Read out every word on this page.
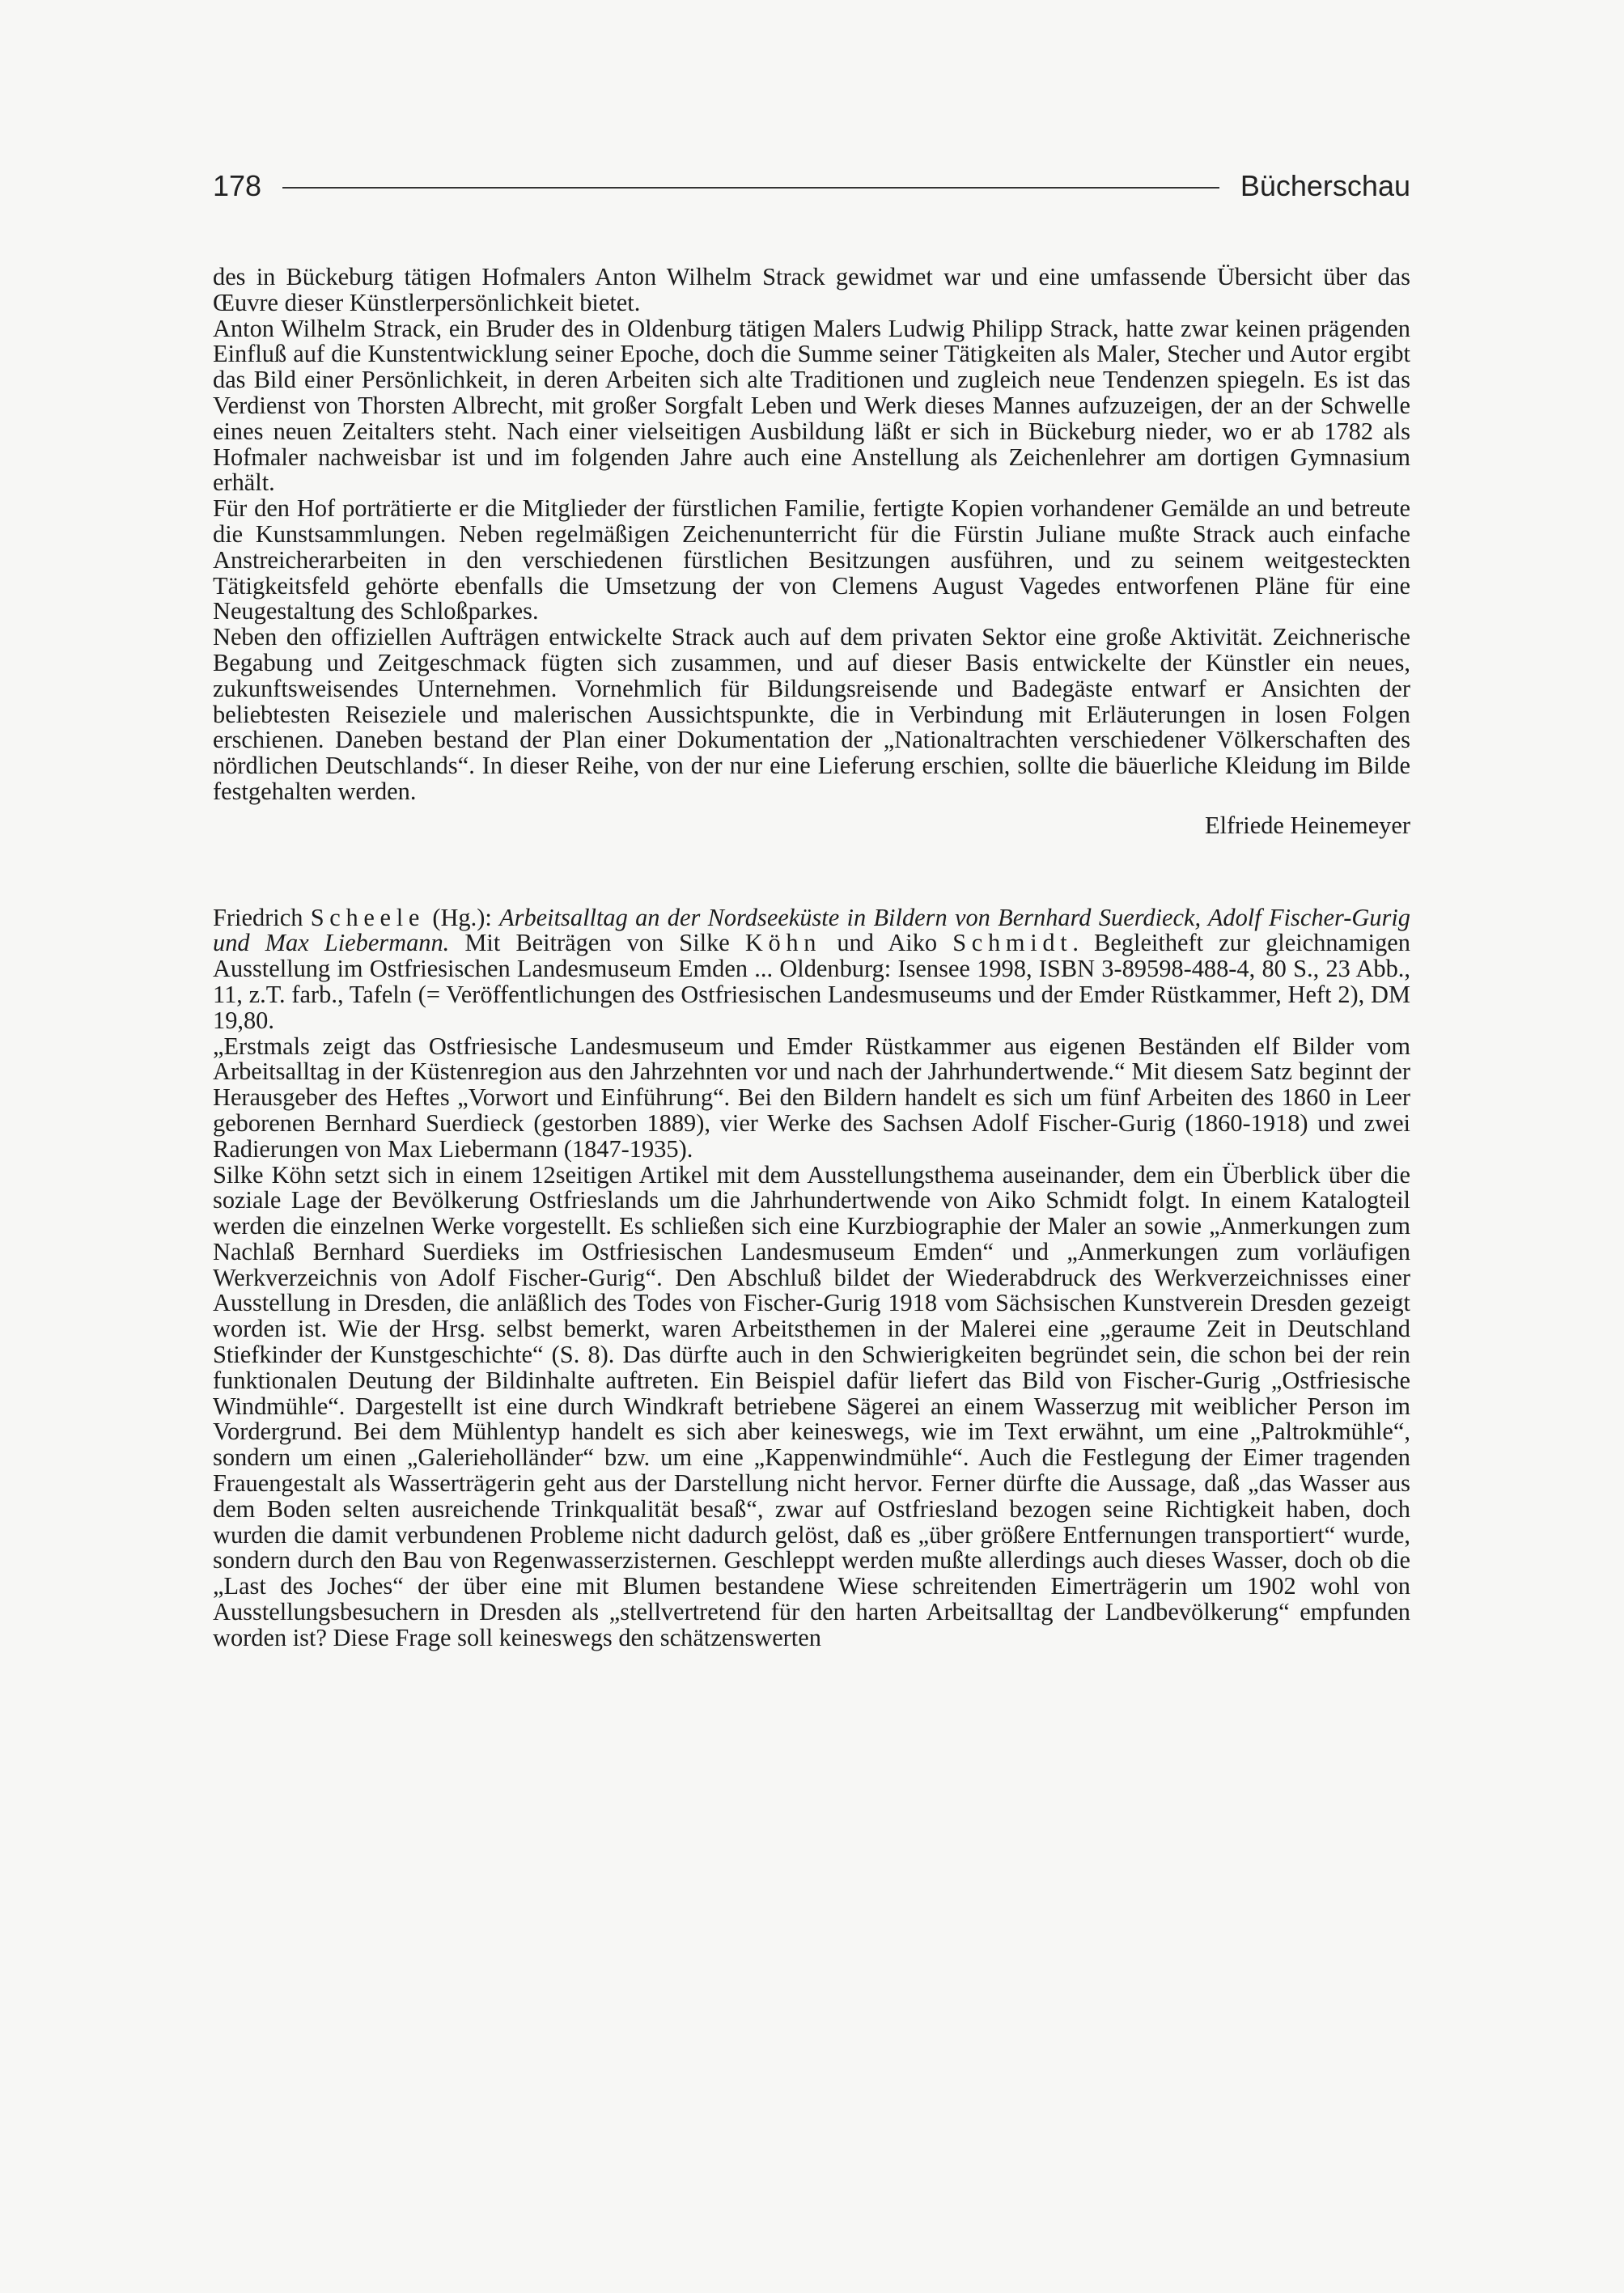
178	Bücherschau

des in Bückeburg tätigen Hofmalers Anton Wilhelm Strack gewidmet war und eine umfassende Übersicht über das Œuvre dieser Künstlerpersönlichkeit bietet.

Anton Wilhelm Strack, ein Bruder des in Oldenburg tätigen Malers Ludwig Philipp Strack, hatte zwar keinen prägenden Einfluß auf die Kunstentwicklung seiner Epoche, doch die Summe seiner Tätigkeiten als Maler, Stecher und Autor ergibt das Bild einer Persönlichkeit, in deren Arbeiten sich alte Traditionen und zugleich neue Tendenzen spiegeln. Es ist das Verdienst von Thorsten Albrecht, mit großer Sorgfalt Leben und Werk dieses Mannes aufzuzeigen, der an der Schwelle eines neuen Zeitalters steht. Nach einer vielseitigen Ausbildung läßt er sich in Bückeburg nieder, wo er ab 1782 als Hofmaler nachweisbar ist und im folgenden Jahre auch eine Anstellung als Zeichenlehrer am dortigen Gymnasium erhält.

Für den Hof porträtierte er die Mitglieder der fürstlichen Familie, fertigte Kopien vorhandener Gemälde an und betreute die Kunstsammlungen. Neben regelmäßigen Zeichenunterricht für die Fürstin Juliane mußte Strack auch einfache Anstreicherarbeiten in den verschiedenen fürstlichen Besitzungen ausführen, und zu seinem weitgesteckten Tätigkeitsfeld gehörte ebenfalls die Umsetzung der von Clemens August Vagedes entworfenen Pläne für eine Neugestaltung des Schloßparkes.

Neben den offiziellen Aufträgen entwickelte Strack auch auf dem privaten Sektor eine große Aktivität. Zeichnerische Begabung und Zeitgeschmack fügten sich zusammen, und auf dieser Basis entwickelte der Künstler ein neues, zukunftsweisendes Unternehmen. Vornehmlich für Bildungsreisende und Badegäste entwarf er Ansichten der beliebtesten Reiseziele und malerischen Aussichtspunkte, die in Verbindung mit Erläuterungen in losen Folgen erschienen. Daneben bestand der Plan einer Dokumentation der „Nationaltrachten verschiedener Völkerschaften des nördlichen Deutschlands“. In dieser Reihe, von der nur eine Lieferung erschien, sollte die bäuerliche Kleidung im Bilde festgehalten werden.

Elfriede Heinemeyer

Friedrich Scheele (Hg.): Arbeitsalltag an der Nordseeküste in Bildern von Bernhard Suerdieck, Adolf Fischer-Gurig und Max Liebermann. Mit Beiträgen von Silke Köhn und Aiko Schmidt. Begleitheft zur gleichnamigen Ausstellung im Ostfriesischen Landesmuseum Emden ... Oldenburg: Isensee 1998, ISBN 3-89598-488-4, 80 S., 23 Abb., 11, z.T. farb., Tafeln (= Veröffentlichungen des Ostfriesischen Landesmuseums und der Emder Rüstkammer, Heft 2), DM 19,80.

„Erstmals zeigt das Ostfriesische Landesmuseum und Emder Rüstkammer aus eigenen Beständen elf Bilder vom Arbeitsalltag in der Küstenregion aus den Jahrzehnten vor und nach der Jahrhundertwende.“ Mit diesem Satz beginnt der Herausgeber des Heftes „Vorwort und Einführung“. Bei den Bildern handelt es sich um fünf Arbeiten des 1860 in Leer geborenen Bernhard Suerdieck (gestorben 1889), vier Werke des Sachsen Adolf Fischer-Gurig (1860-1918) und zwei Radierungen von Max Liebermann (1847-1935).

Silke Köhn setzt sich in einem 12seitigen Artikel mit dem Ausstellungsthema auseinander, dem ein Überblick über die soziale Lage der Bevölkerung Ostfrieslands um die Jahrhundertwende von Aiko Schmidt folgt. In einem Katalogteil werden die einzelnen Werke vorgestellt. Es schließen sich eine Kurzbiographie der Maler an sowie „Anmerkungen zum Nachlaß Bernhard Suerdieks im Ostfriesischen Landesmuseum Emden“ und „Anmerkungen zum vorläufigen Werkverzeichnis von Adolf Fischer-Gurig“. Den Abschluß bildet der Wiederabdruck des Werkverzeichnisses einer Ausstellung in Dresden, die anläßlich des Todes von Fischer-Gurig 1918 vom Sächsischen Kunstverein Dresden gezeigt worden ist. Wie der Hrsg. selbst bemerkt, waren Arbeitsthemen in der Malerei eine „geraume Zeit in Deutschland Stiefkinder der Kunstgeschichte“ (S. 8). Das dürfte auch in den Schwierigkeiten begründet sein, die schon bei der rein funktionalen Deutung der Bildinhalte auftreten. Ein Beispiel dafür liefert das Bild von Fischer-Gurig „Ostfriesische Windmühle“. Dargestellt ist eine durch Windkraft betriebene Sägerei an einem Wasserzug mit weiblicher Person im Vordergrund. Bei dem Mühlentyp handelt es sich aber keineswegs, wie im Text erwähnt, um eine „Paltrokmühle“, sondern um einen „Galerieholländer“ bzw. um eine „Kappenwindmühle“. Auch die Festlegung der Eimer tragenden Frauengestalt als Wasserträgerin geht aus der Darstellung nicht hervor. Ferner dürfte die Aussage, daß „das Wasser aus dem Boden selten ausreichende Trinkqualität besaß“, zwar auf Ostfriesland bezogen seine Richtigkeit haben, doch wurden die damit verbundenen Probleme nicht dadurch gelöst, daß es „über größere Entfernungen transportiert“ wurde, sondern durch den Bau von Regenwasserzisternen. Geschleppt werden mußte allerdings auch dieses Wasser, doch ob die „Last des Joches“ der über eine mit Blumen bestandene Wiese schreitenden Eimerträgerin um 1902 wohl von Ausstellungsbesuchern in Dresden als „stellvertretend für den harten Arbeitsalltag der Landbevölkerung“ empfunden worden ist? Diese Frage soll keineswegs den schätzenswerten
